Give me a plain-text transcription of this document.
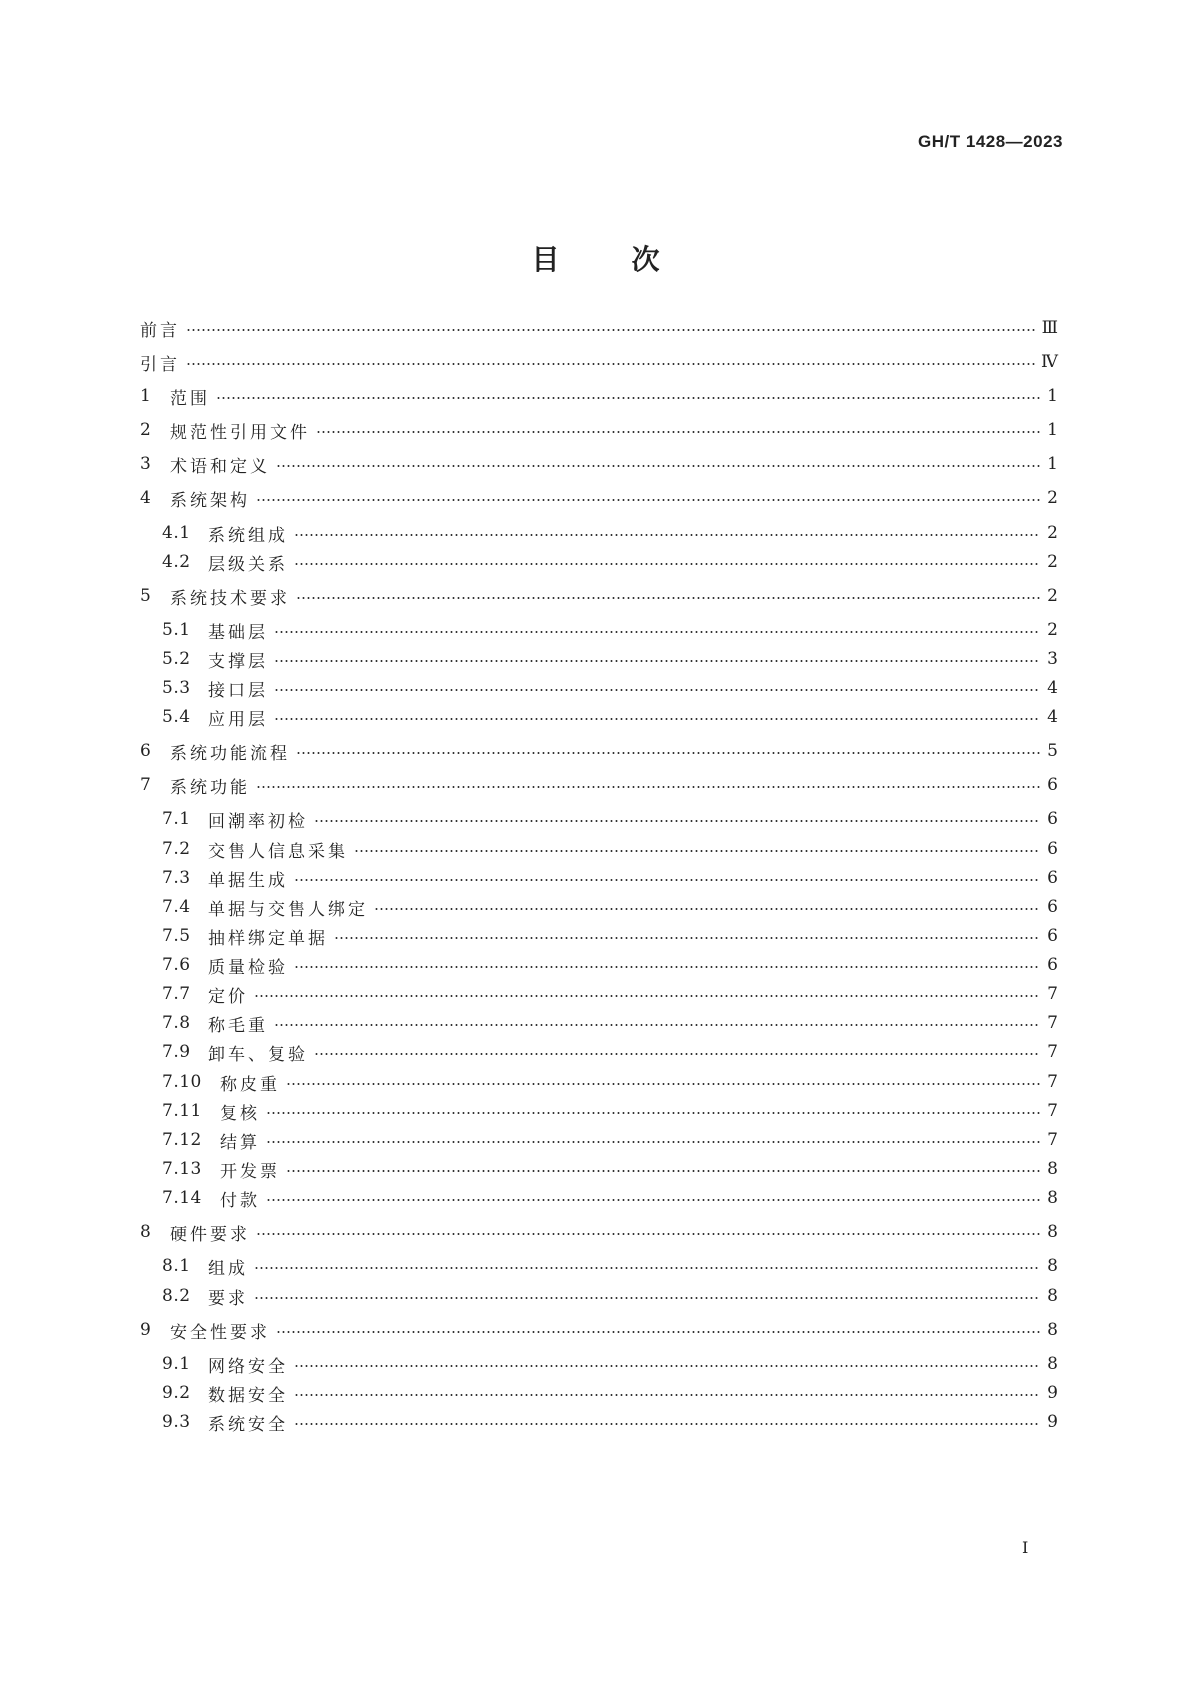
GH/T 1428—2023
目	次
前言	Ⅲ
引言	Ⅳ
1	范围	1
2	规范性引用文件	1
3	术语和定义	1
4	系统架构	2
4.1	系统组成	2
4.2	层级关系	2
5	系统技术要求	2
5.1	基础层	2
5.2	支撑层	3
5.3	接口层	4
5.4	应用层	4
6	系统功能流程	5
7	系统功能	6
7.1	回潮率初检	6
7.2	交售人信息采集	6
7.3	单据生成	6
7.4	单据与交售人绑定	6
7.5	抽样绑定单据	6
7.6	质量检验	6
7.7	定价	7
7.8	称毛重	7
7.9	卸车、复验	7
7.10	称皮重	7
7.11	复核	7
7.12	结算	7
7.13	开发票	8
7.14	付款	8
8	硬件要求	8
8.1	组成	8
8.2	要求	8
9	安全性要求	8
9.1	网络安全	8
9.2	数据安全	9
9.3	系统安全	9
I
